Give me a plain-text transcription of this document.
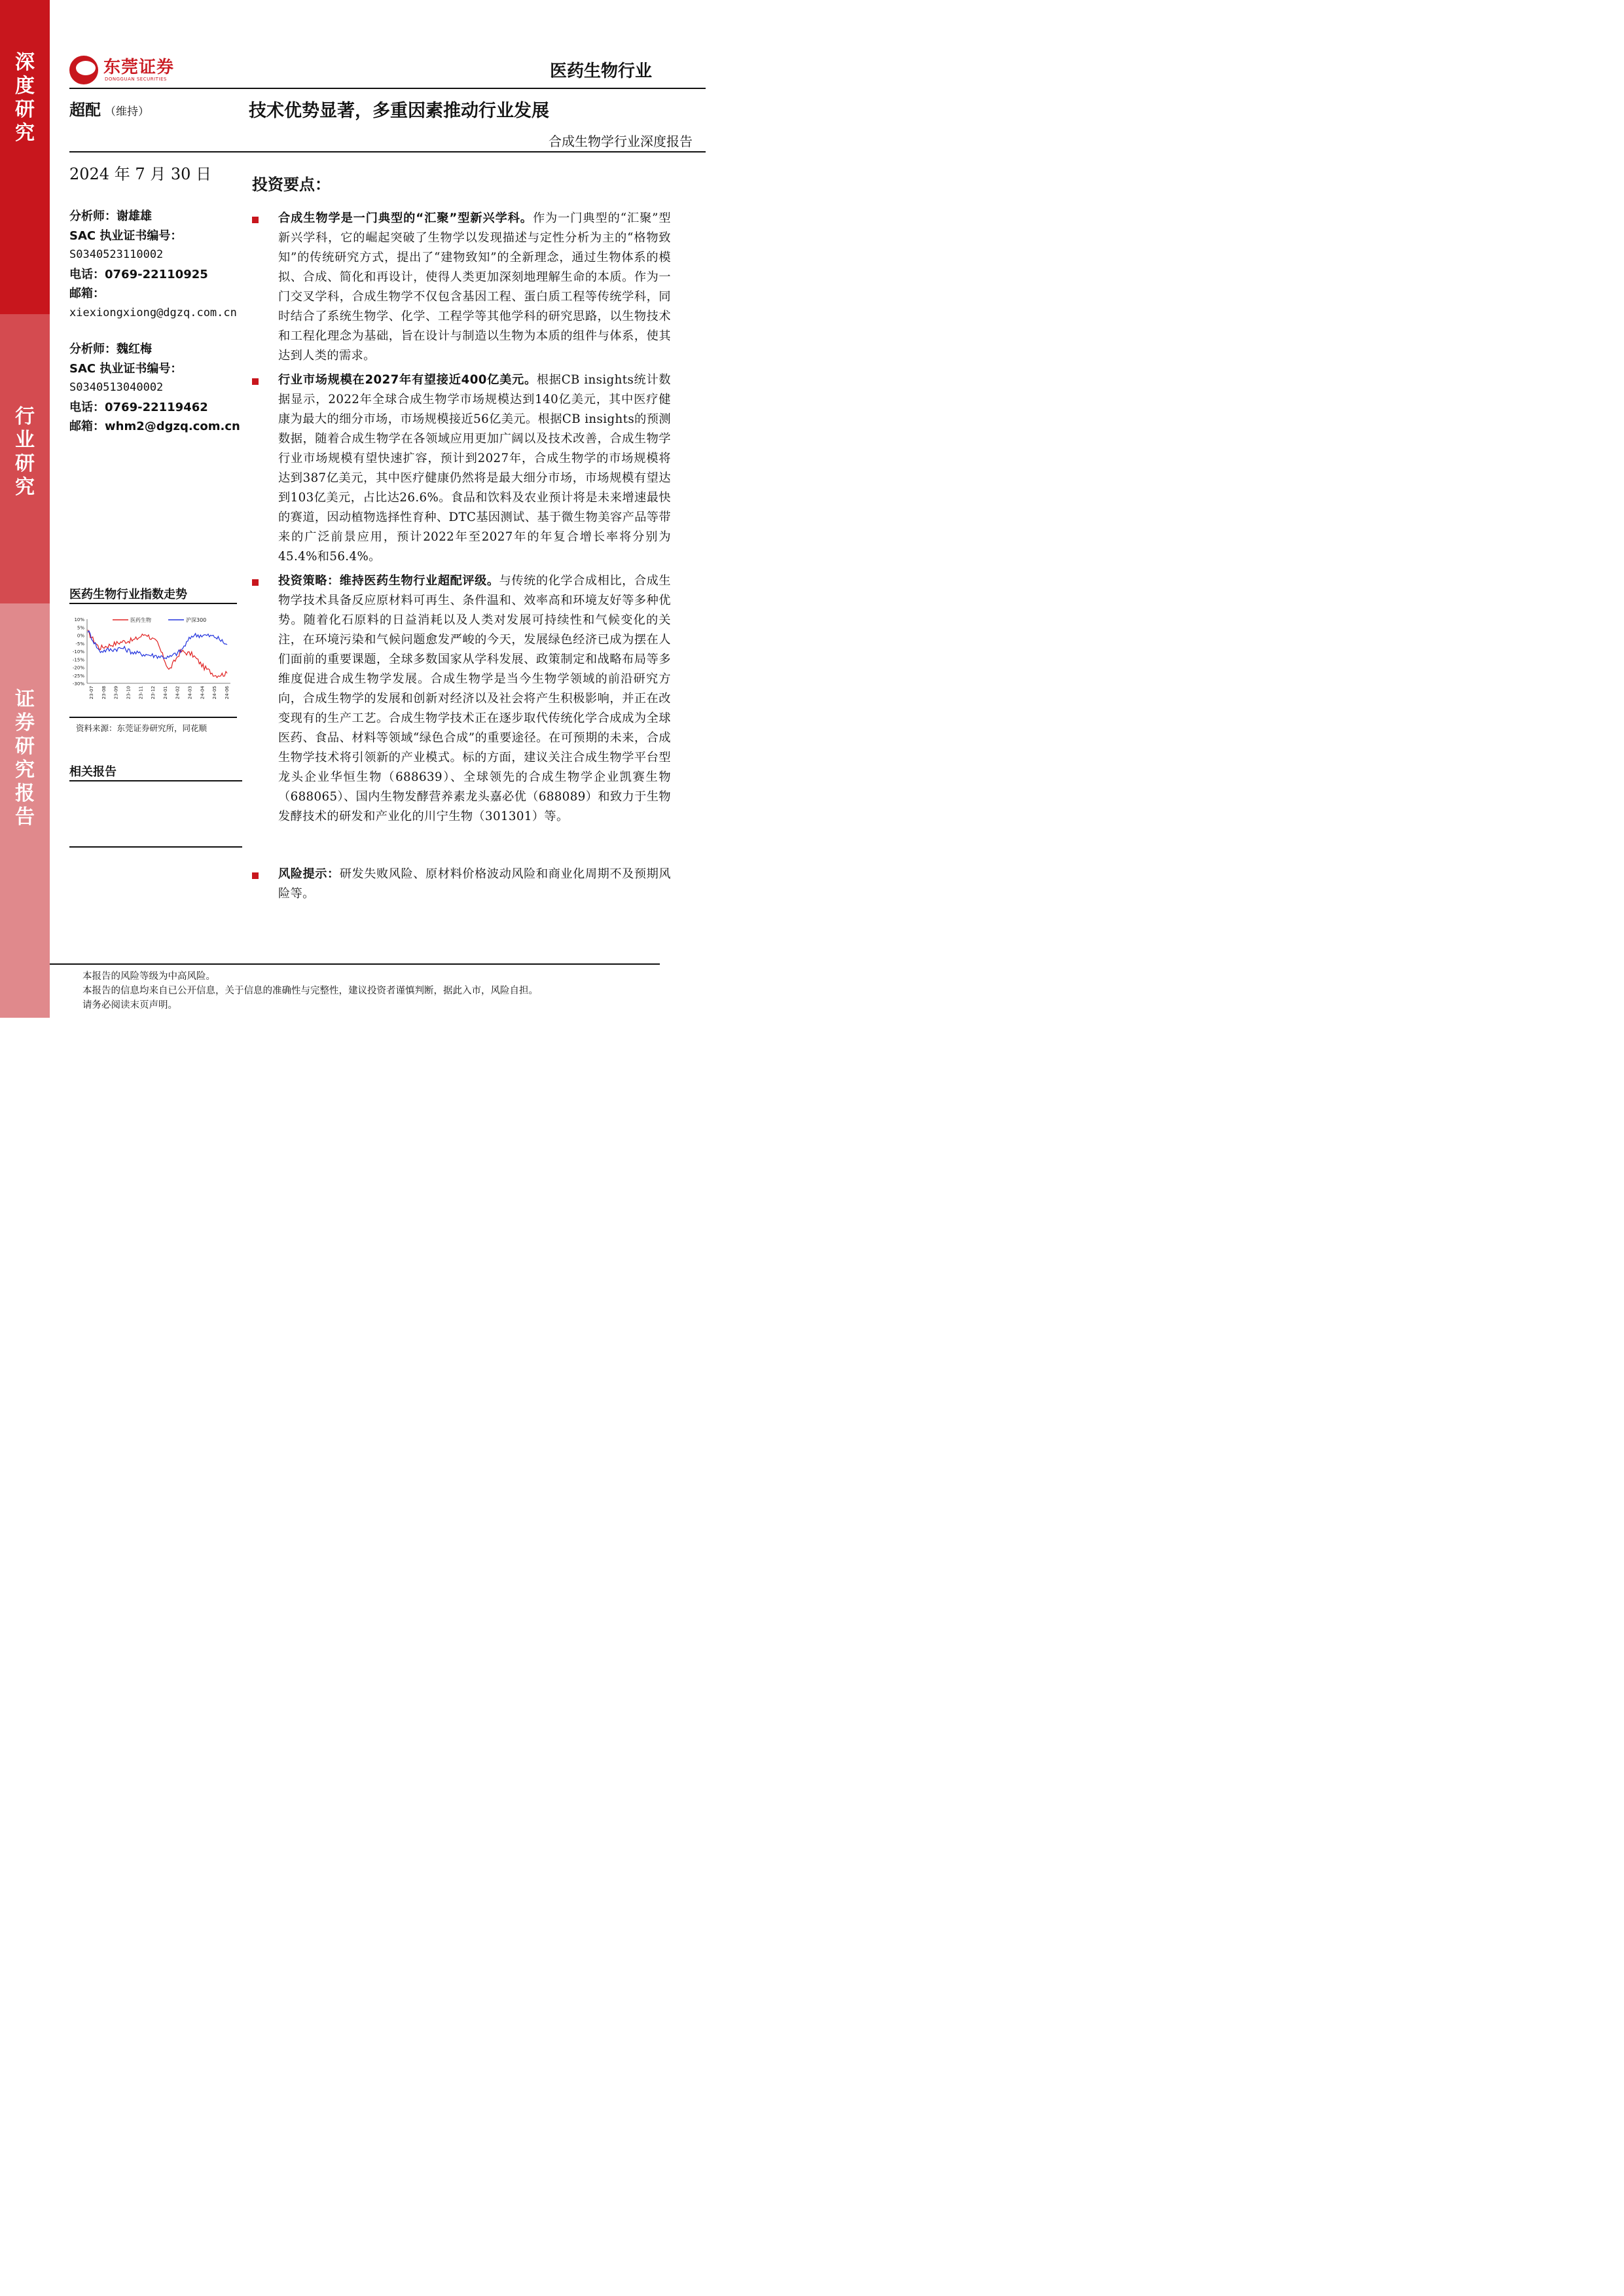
深度研究
行业研究
证券研究报告
东莞证券
DONGGUAN SECURITIES	医药生物行业
超配 （维持）	技术优势显著，多重因素推动行业发展
合成生物学行业深度报告
2024 年 7 月 30 日
投资要点：
分析师：谢雄雄
SAC 执业证书编号：
S0340523110002
电话：0769-22110925
邮箱：
xiexiongxiong@dgzq.com.cn
分析师：魏红梅
SAC 执业证书编号：
S0340513040002
电话：0769-22119462
邮箱：whm2@dgzq.com.cn
医药生物行业指数走势
10%
5%
0%
-5%
-10%
-15%
-20%
-25%
-30%
23-07 23-08 23-09 23-10 23-11 23-12 24-01 24-02 24-03 24-04 24-05 24-06
医药生物	沪深300
资料来源：东莞证券研究所，同花顺
相关报告

合成生物学是一门典型的“汇聚”型新兴学科。作为一门典型的“汇聚”型新兴学科，它的崛起突破了生物学以发现描述与定性分析为主的“格物致知”的传统研究方式，提出了“建物致知”的全新理念，通过生物体系的模拟、合成、简化和再设计，使得人类更加深刻地理解生命的本质。作为一门交叉学科，合成生物学不仅包含基因工程、蛋白质工程等传统学科，同时结合了系统生物学、化学、工程学等其他学科的研究思路，以生物技术和工程化理念为基础，旨在设计与制造以生物为本质的组件与体系，使其达到人类的需求。

行业市场规模在2027年有望接近400亿美元。根据CB insights统计数据显示，2022年全球合成生物学市场规模达到140亿美元，其中医疗健康为最大的细分市场，市场规模接近56亿美元。根据CB insights的预测数据，随着合成生物学在各领域应用更加广阔以及技术改善，合成生物学行业市场规模有望快速扩容，预计到2027年，合成生物学的市场规模将达到387亿美元，其中医疗健康仍然将是最大细分市场，市场规模有望达到103亿美元，占比达26.6%。食品和饮料及农业预计将是未来增速最快的赛道，因动植物选择性育种、DTC基因测试、基于微生物美容产品等带来的广泛前景应用，预计2022年至2027年的年复合增长率将分别为45.4%和56.4%。

投资策略：维持医药生物行业超配评级。与传统的化学合成相比，合成生物学技术具备反应原材料可再生、条件温和、效率高和环境友好等多种优势。随着化石原料的日益消耗以及人类对发展可持续性和气候变化的关注，在环境污染和气候问题愈发严峻的今天，发展绿色经济已成为摆在人们面前的重要课题，全球多数国家从学科发展、政策制定和战略布局等多维度促进合成生物学发展。合成生物学是当今生物学领域的前沿研究方向，合成生物学的发展和创新对经济以及社会将产生积极影响，并正在改变现有的生产工艺。合成生物学技术正在逐步取代传统化学合成成为全球医药、食品、材料等领域“绿色合成”的重要途径。在可预期的未来，合成生物学技术将引领新的产业模式。标的方面，建议关注合成生物学平台型龙头企业华恒生物（688639）、全球领先的合成生物学企业凯赛生物（688065）、国内生物发酵营养素龙头嘉必优（688089）和致力于生物发酵技术的研发和产业化的川宁生物（301301）等。

风险提示：研发失败风险、原材料价格波动风险和商业化周期不及预期风险等。

本报告的风险等级为中高风险。
本报告的信息均来自已公开信息，关于信息的准确性与完整性，建议投资者谨慎判断，据此入市，风险自担。
请务必阅读末页声明。
